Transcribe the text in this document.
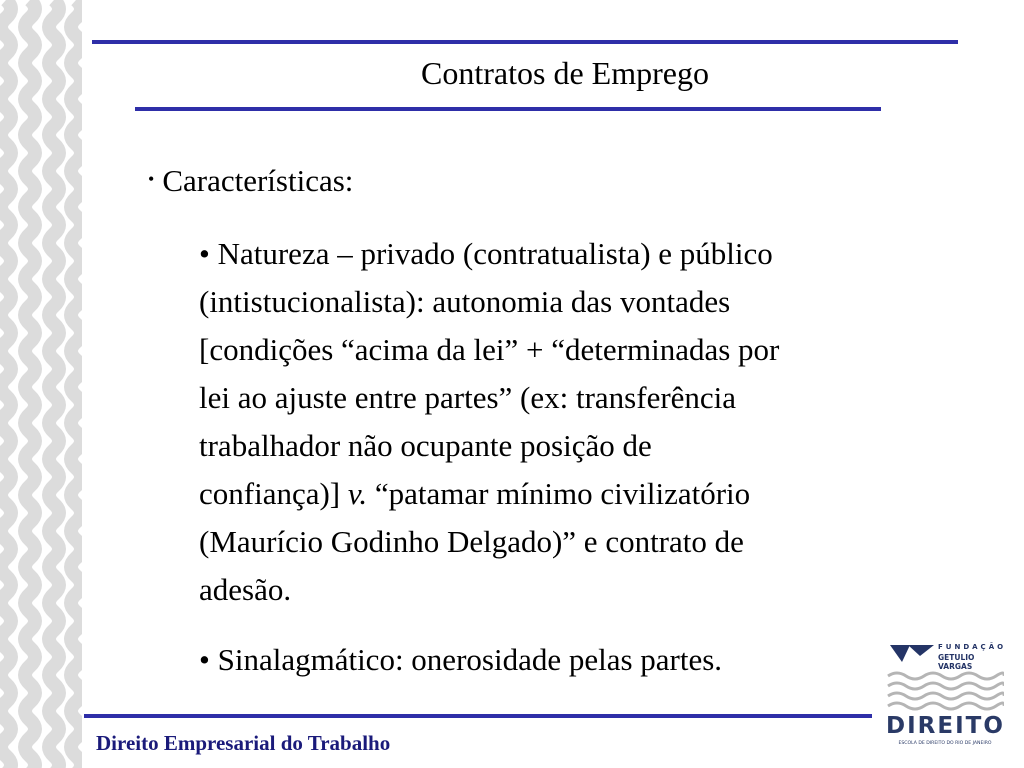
Contratos de Emprego
• Características:
• Natureza – privado (contratualista) e público
(intistucionalista): autonomia das vontades
[condições “acima da lei” + “determinadas por
lei ao ajuste entre partes” (ex: transferência
trabalhador não ocupante posição de
confiança)] v. “patamar mínimo civilizatório
(Maurício Godinho Delgado)” e contrato de
adesão.
• Sinalagmático: onerosidade pelas partes.
Direito Empresarial do Trabalho
FUNDAÇÃO
GETULIO VARGAS
DIREITO
ESCOLA DE DIREITO DO RIO DE JANEIRO
